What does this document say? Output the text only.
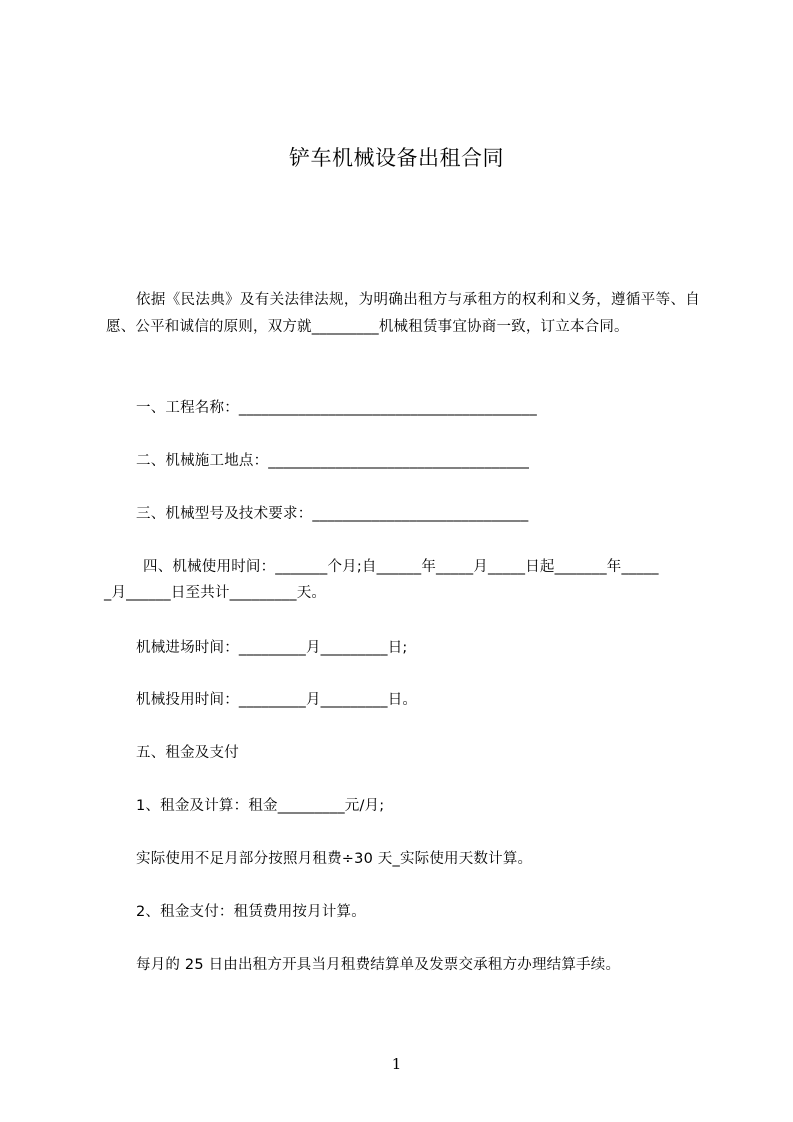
铲车机械设备出租合同
依据《民法典》及有关法律法规，为明确出租方与承租方的权利和义务，遵循平等、自愿、公平和诚信的原则，双方就_________机械租赁事宜协商一致，订立本合同。
一、工程名称：________________________________________
二、机械施工地点：___________________________________
三、机械型号及技术要求：_____________________________
四、机械使用时间：_______个月;自______年_____月_____日起_______年_____
_月______日至共计_________天。
机械进场时间：_________月_________日;
机械投用时间：_________月_________日。
五、租金及支付
1、租金及计算：租金_________元/月;
实际使用不足月部分按照月租费÷30 天_实际使用天数计算。
2、租金支付：租赁费用按月计算。
每月的 25 日由出租方开具当月租费结算单及发票交承租方办理结算手续。
1
